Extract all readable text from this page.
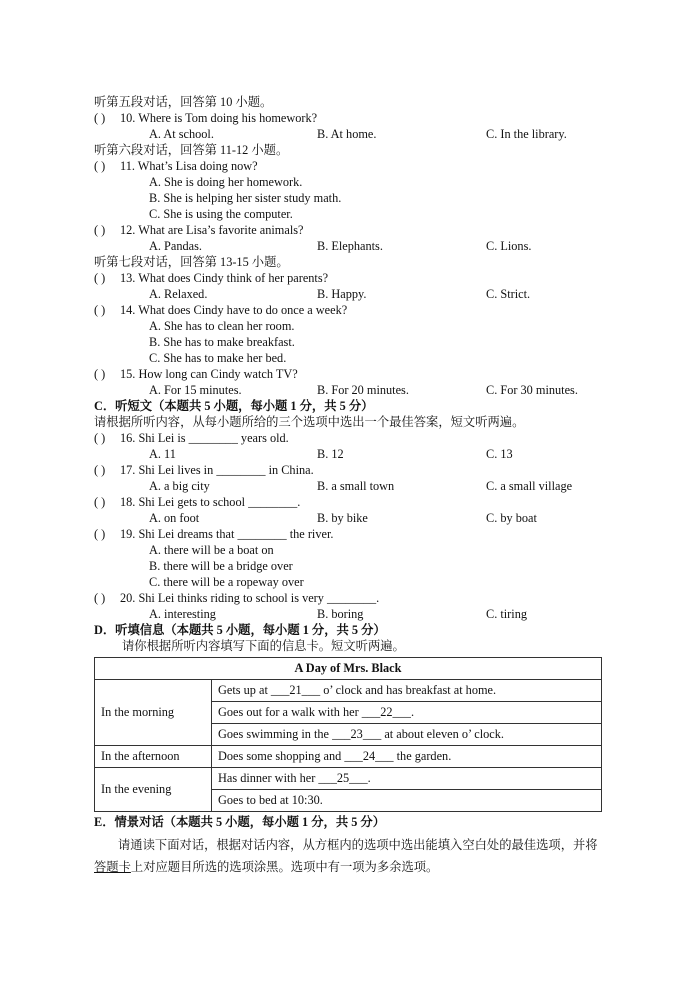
听第五段对话，回答第 10 小题。
( ) 10. Where is Tom doing his homework?
A. At school.	B. At home.	C. In the library.
听第六段对话，回答第 11-12 小题。
( ) 11. What’s Lisa doing now?
A. She is doing her homework.
B. She is helping her sister study math.
C. She is using the computer.
( ) 12. What are Lisa’s favorite animals?
A. Pandas.	B. Elephants.	C. Lions.
听第七段对话，回答第 13-15 小题。
( ) 13. What does Cindy think of her parents?
A. Relaxed.	B. Happy.	C. Strict.
( ) 14. What does Cindy have to do once a week?
A. She has to clean her room.
B. She has to make breakfast.
C. She has to make her bed.
( ) 15. How long can Cindy watch TV?
A. For 15 minutes.	B. For 20 minutes.	C. For 30 minutes.
C．听短文（本题共 5 小题，每小题 1 分，共 5 分）
请根据所听内容，从每小题所给的三个选项中选出一个最佳答案，短文听两遍。
( ) 16. Shi Lei is ________ years old.
A. 11	B. 12	C. 13
( ) 17. Shi Lei lives in ________ in China.
A. a big city	B. a small town	C. a small village
( ) 18. Shi Lei gets to school ________.
A. on foot	B. by bike	C. by boat
( ) 19. Shi Lei dreams that ________ the river.
A. there will be a boat on
B. there will be a bridge over
C. there will be a ropeway over
( ) 20. Shi Lei thinks riding to school is very ________.
A. interesting	B. boring	C. tiring
D．听填信息（本题共 5 小题，每小题 1 分，共 5 分）
请你根据所听内容填写下面的信息卡。短文听两遍。
A Day of Mrs. Black	
In the morning	Gets up at ___21___ o’ clock and has breakfast at home.
	Goes out for a walk with her ___22___.
	Goes swimming in the ___23___ at about eleven o’ clock.
In the afternoon	Does some shopping and ___24___ the garden.
In the evening	Has dinner with her ___25___.
	Goes to bed at 10:30.
E．情景对话（本题共 5 小题，每小题 1 分，共 5 分）
请通读下面对话，根据对话内容，从方框内的选项中选出能填入空白处的最佳选项，并将答题卡上对应题目所选的选项涂黑。选项中有一项为多余选项。
